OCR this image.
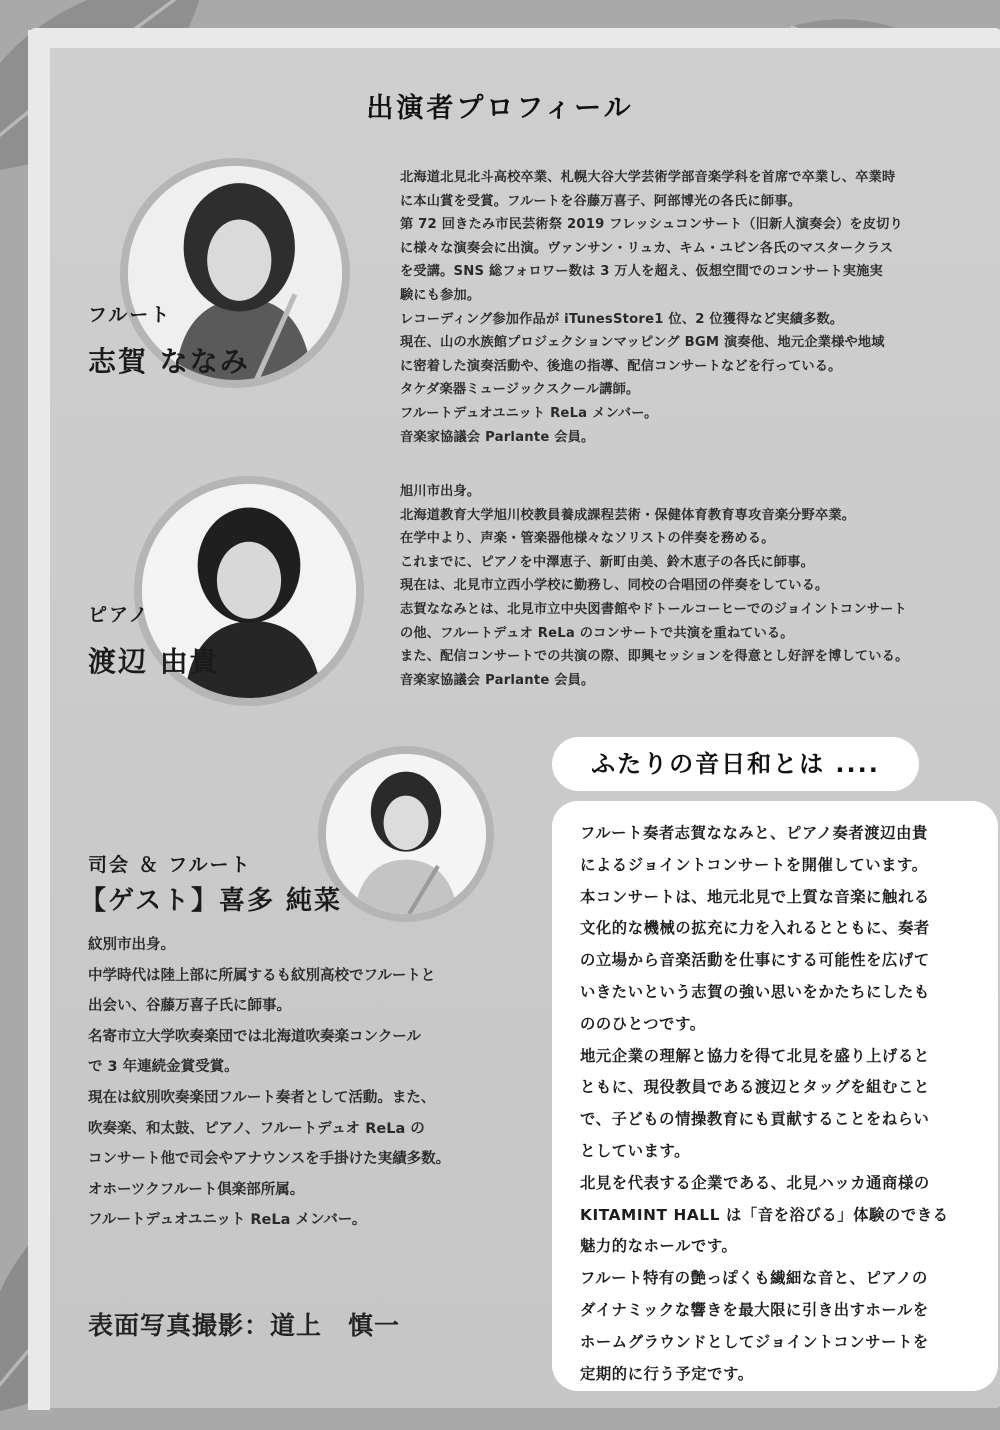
出演者プロフィール
フルート
志賀 ななみ

北海道北見北斗高校卒業、札幌大谷大学芸術学部音楽学科を首席で卒業し、卒業時

に本山賞を受賞。フルートを谷藤万喜子、阿部博光の各氏に師事。

第 72 回きたみ市民芸術祭 2019 フレッシュコンサート（旧新人演奏会）を皮切り

に様々な演奏会に出演。ヴァンサン・リュカ、キム・ユビン各氏のマスタークラス

を受講。SNS 総フォロワー数は 3 万人を超え、仮想空間でのコンサート実施実

験にも参加。

レコーディング参加作品が iTunesStore1 位、2 位獲得など実績多数。

現在、山の水族館プロジェクションマッピング BGM 演奏他、地元企業様や地域

に密着した演奏活動や、後進の指導、配信コンサートなどを行っている。

タケダ楽器ミュージックスクール講師。

フルートデュオユニット ReLa メンバー。

音楽家協議会 Parlante 会員。

ピアノ
渡辺 由貴

旭川市出身。

北海道教育大学旭川校教員養成課程芸術・保健体育教育専攻音楽分野卒業。

在学中より、声楽・管楽器他様々なソリストの伴奏を務める。

これまでに、ピアノを中澤恵子、新町由美、鈴木恵子の各氏に師事。

現在は、北見市立西小学校に勤務し、同校の合唱団の伴奏をしている。

志賀ななみとは、北見市立中央図書館やドトールコーヒーでのジョイントコンサート

の他、フルートデュオ ReLa のコンサートで共演を重ねている。

また、配信コンサートでの共演の際、即興セッションを得意とし好評を博している。

音楽家協議会 Parlante 会員。

司会 ＆ フルート
【ゲスト】喜多 純菜

紋別市出身。

中学時代は陸上部に所属するも紋別高校でフルートと

出会い、谷藤万喜子氏に師事。

名寄市立大学吹奏楽団では北海道吹奏楽コンクール

で 3 年連続金賞受賞。

現在は紋別吹奏楽団フルート奏者として活動。また、

吹奏楽、和太鼓、ピアノ、フルートデュオ ReLa の

コンサート他で司会やアナウンスを手掛けた実績多数。

オホーツクフルート倶楽部所属。

フルートデュオユニット ReLa メンバー。

表面写真撮影：道上　慎一
ふたりの音日和とは ....

フルート奏者志賀ななみと、ピアノ奏者渡辺由貴

によるジョイントコンサートを開催しています。

本コンサートは、地元北見で上質な音楽に触れる

文化的な機械の拡充に力を入れるとともに、奏者

の立場から音楽活動を仕事にする可能性を広げて

いきたいという志賀の強い思いをかたちにしたも

ののひとつです。

地元企業の理解と協力を得て北見を盛り上げると

ともに、現役教員である渡辺とタッグを組むこと

で、子どもの情操教育にも貢献することをねらい

としています。

北見を代表する企業である、北見ハッカ通商様の

KITAMINT HALL は「音を浴びる」体験のできる

魅力的なホールです。

フルート特有の艶っぽくも繊細な音と、ピアノの

ダイナミックな響きを最大限に引き出すホールを

ホームグラウンドとしてジョイントコンサートを

定期的に行う予定です。
